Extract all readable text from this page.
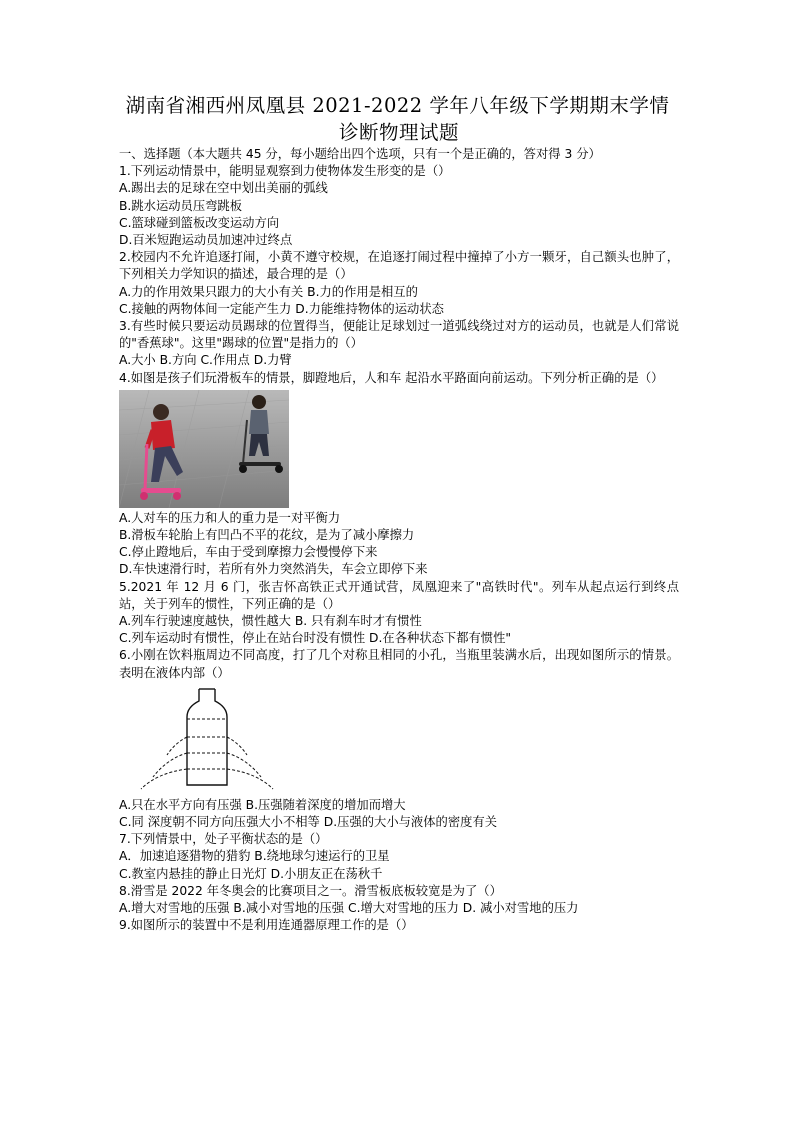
湖南省湘西州凤凰县 2021-2022 学年八年级下学期期末学情
诊断物理试题
一、选择题（本大题共 45 分，每小题给出四个选项，只有一个是正确的，答对得 3 分）
1.下列运动情景中，能明显观察到力使物体发生形变的是（）
A.踢出去的足球在空中划出美丽的弧线
B.跳水运动员压弯跳板
C.篮球碰到篮板改变运动方向
D.百米短跑运动员加速冲过终点
2.校园内不允许追逐打闹，小黄不遵守校规，在追逐打闹过程中撞掉了小方一颗牙，自己额头也肿了，下列相关力学知识的描述，最合理的是（）
A.力的作用效果只跟力的大小有关 B.力的作用是相互的
C.接触的两物体间一定能产生力 D.力能维持物体的运动状态
3.有些时候只要运动员踢球的位置得当，便能让足球划过一道弧线绕过对方的运动员，也就是人们常说的"香蕉球"。这里"踢球的位置"是指力的（）
A.大小 B.方向 C.作用点 D.力臂
4.如图是孩子们玩滑板车的情景，脚蹬地后，人和车 起沿水平路面向前运动。下列分析正确的是（）
A.人对车的压力和人的重力是一对平衡力
B.滑板车轮胎上有凹凸不平的花纹，是为了减小摩擦力
C.停止蹬地后，车由于受到摩擦力会慢慢停下来
D.车快速滑行时，若所有外力突然消失，车会立即停下来
5.2021 年 12 月 6 门，张吉怀高铁正式开通试营，凤凰迎来了"高铁时代"。列车从起点运行到终点站，关于列车的惯性，下列正确的是（）
A.列车行驶速度越快，惯性越大 B. 只有刹车时才有惯性
C.列车运动时有惯性，停止在站台时没有惯性 D.在各种状态下都有惯性"
6.小刚在饮料瓶周边不同高度，打了几个对称且相同的小孔，当瓶里装满水后，出现如图所示的情景。表明在液体内部（）
A.只在水平方向有压强 B.压强随着深度的增加而增大
C.同 深度朝不同方向压强大小不相等 D.压强的大小与液体的密度有关
7.下列情景中，处子平衡状态的是（）
A．加速追逐猎物的猎豹 B.绕地球匀速运行的卫星
C.教室内悬挂的静止日光灯 D.小朋友正在荡秋千
8.滑雪是 2022 年冬奥会的比赛项目之一。滑雪板底板较宽是为了（）
A.增大对雪地的压强 B.减小对雪地的压强 C.增大对雪地的压力 D. 减小对雪地的压力
9.如图所示的装置中不是利用连通器原理工作的是（）
